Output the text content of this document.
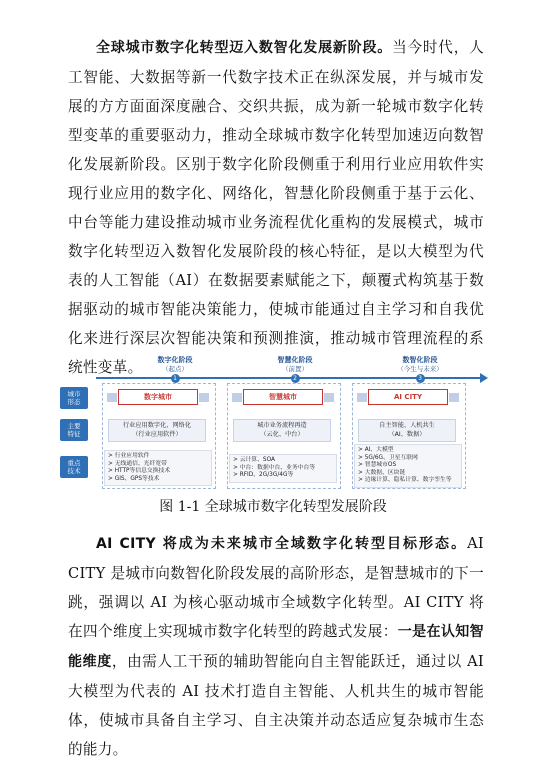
全球城市数字化转型迈入数智化发展新阶段。当今时代，人工智能、大数据等新一代数字技术正在纵深发展，并与城市发展的方方面面深度融合、交织共振，成为新一轮城市数字化转型变革的重要驱动力，推动全球城市数字化转型加速迈向数智化发展新阶段。区别于数字化阶段侧重于利用行业应用软件实现行业应用的数字化、网络化，智慧化阶段侧重于基于云化、中台等能力建设推动城市业务流程优化重构的发展模式，城市数字化转型迈入数智化发展阶段的核心特征，是以大模型为代表的人工智能（AI）在数据要素赋能之下，颠覆式构筑基于数据驱动的城市智能决策能力，使城市能通过自主学习和自我优化来进行深层次智能决策和预测推演，推动城市管理流程的系统性变革。	数字化阶段
（起点）
1
智慧化阶段
（前置）
2
数智化阶段
（今生与未来）
3
城市
形态
主要
特征
重点
技术
数字城市	智慧城市	AI CITY
行业应用数字化、网络化
（行业应用软件）
城市业务流程再造
（云化、中台）
自主智能、人机共生
（AI、数据）
> 行业应用软件
> 无线通信、光纤宽带
> HTTP等信息交换技术
> GIS、GPS等技术
> 云计算、SOA
> 中台：数据中台、业务中台等
> RFID、2G/3G/4G等
> AI、大模型
> 5G/6G、卫星互联网
> 智慧城市OS
> 大数据、区块链
> 边缘计算、隐私计算、数字孪生等
图 1-1 全球城市数字化转型发展阶段
AI CITY 将成为未来城市全域数字化转型目标形态。AI CITY 是城市向数智化阶段发展的高阶形态，是智慧城市的下一跳，强调以 AI 为核心驱动城市全域数字化转型。AI CITY 将在四个维度上实现城市数字化转型的跨越式发展：一是在认知智能维度，由需人工干预的辅助智能向自主智能跃迁，通过以 AI 大模型为代表的 AI 技术打造自主智能、人机共生的城市智能体，使城市具备自主学习、自主决策并动态适应复杂城市生态的能力。
